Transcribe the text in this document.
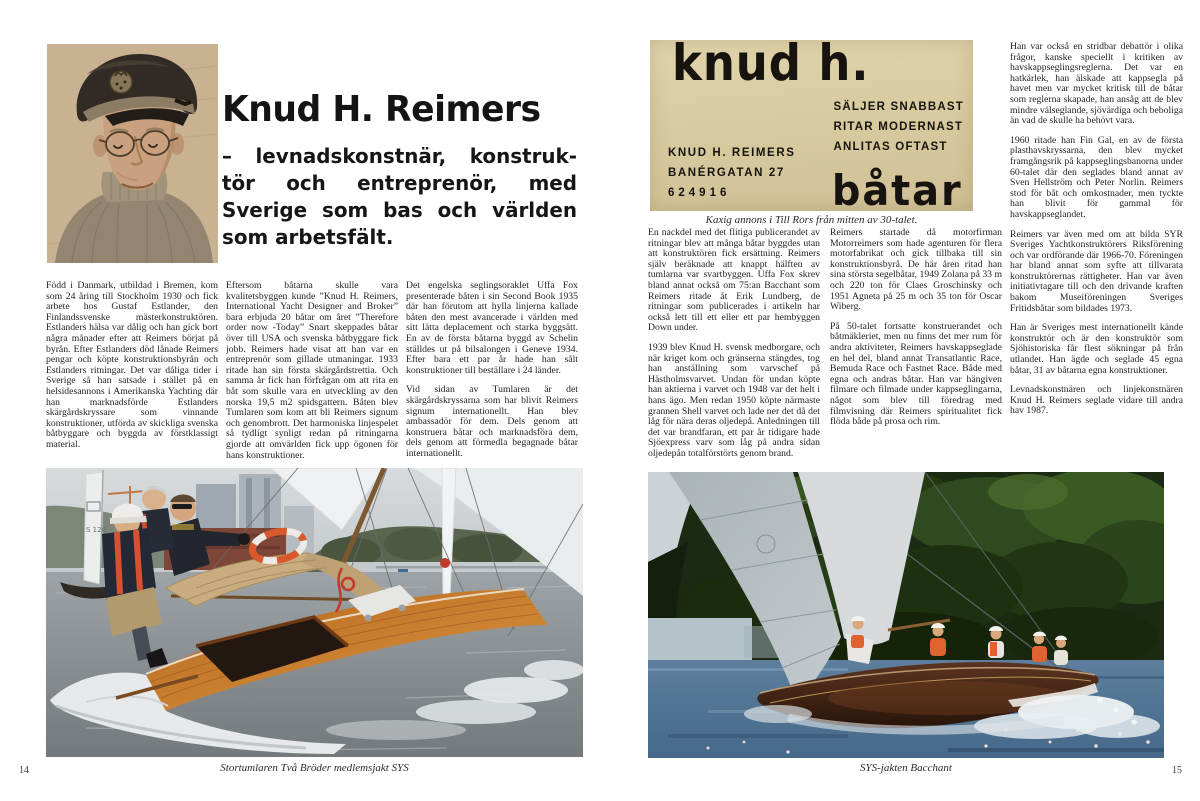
Knud H. Reimers
– levnadskonstnär, konstruk-
tör och entreprenör, med
Sverige som bas och världen
som arbetsfält.

Född i Danmark, utbildad i Bremen, kom som 24 åring till Stockholm 1930 och fick arbete hos Gustaf Estlander, den Finlandssvenske mästerkonstruktören. Estlanders hälsa var dålig och han gick bort några månader efter att Reimers börjat på byrån. Efter Estlanders död lånade Reimers pengar och köpte konstruktionsbyrån och Estlanders ritningar. Det var dåliga tider i Sverige så han satsade i stället på en helsidesannons i Amerikanska Yachting där han marknadsförde Estlanders skärgårdskryssare som vinnande konstruktioner, utförda av skickliga svenska båtbyggare och byggda av förstklassigt material.

Eftersom båtarna skulle vara kvalitetsbyggen kunde ”Knud H. Reimers, International Yacht Designer and Broker” bara erbjuda 20 båtar om året ”Therefore order now -Today” Snart skeppades båtar över till USA och svenska båtbyggare fick jobb. Reimers hade visat att han var en entreprenör som gillade utmaningar. 1933 ritade han sin första skärgårdstrettia. Och samma år fick han förfrågan om att rita en båt som skulle vara en utveckling av den norska 19,5 m2 spidsgattern. Båten blev Tumlaren som kom att bli Reimers signum och genombrott. Det harmoniska linjespelet så tydligt synligt redan på ritningarna gjorde att omvärlden fick upp ögonen för hans konstruktioner.

Det engelska seglingsoraklet Uffa Fox presenterade båten i sin Second Book 1935 där han förutom att hylla linjerna kallade båten den mest avancerade i världen med sitt lätta deplacement och starka byggsätt. En av de första båtarna byggd av Schelin ställdes ut på bilsalongen i Geneve 1934. Efter bara ett par år hade han sålt konstruktioner till beställare i 24 länder.

Vid sidan av Tumlaren är det skärgårdskryssarna som har blivit Reimers signum internationellt. Han blev ambassadör för dem. Dels genom att konstruera båtar och marknadsföra dem, dels genom att förmedla begagnade båtar internationellt.

S 120
Stortumlaren Två Bröder medlemsjakt SYS
14
knud h.
SÄLJER SNABBAST
RITAR MODERNAST
ANLITAS OFTAST
KNUD H. REIMERS
BANÉRGATAN 27
624916	båtar
Kaxig annons i Till Rors från mitten av 30-talet.

En nackdel med det flitiga publicerandet av ritningar blev att många båtar byggdes utan att konstruktören fick ersättning. Reimers själv beräknade att knappt hälften av tumlarna var svartbyggen. Uffa Fox skrev bland annat också om 75:an Bacchant som Reimers ritade åt Erik Lundberg, de ritningar som publicerades i artikeln har också lett till ett eller ett par hembyggen Down under.

1939 blev Knud H. svensk medborgare, och när kriget kom och gränserna stängdes, tog han anställning som varvschef på Hästholmsvarvet. Undan för undan köpte han aktierna i varvet och 1948 var det helt i hans ägo. Men redan 1950 köpte närmaste grannen Shell varvet och lade ner det då det låg för nära deras oljedepå. Anledningen till det var brandfaran, ett par år tidigare hade Sjöexpress varv som låg på andra sidan oljedepån totalförstörts genom brand.

Reimers startade då motorfirman Motorreimers som hade agenturen för flera motorfabrikat och gick tillbaka till sin konstruktionsbyrå. De här åren ritad han sina största segelbåtar, 1949 Zolana på 33 m och 220 ton för Claes Groschinsky och 1951 Agneta på 25 m och 35 ton för Oscar Wiberg.

På 50-talet fortsatte konstruerandet och båtmäkleriet, men nu finns det mer rum för andra aktiviteter, Reimers havskappseglade en hel del, bland annat Transatlantic Race, Bemuda Race och Fastnet Race. Både med egna och andras båtar. Han var hängiven filmare och filmade under kappseglingarna, något som blev till föredrag med filmvisning där Reimers spiritualitet fick flöda både på prosa och rim.

Han var också en stridbar debattör i olika frågor, kanske speciellt i kritiken av havskappseglingsreglerna. Det var en hatkärlek, han älskade att kappsegla på havet men var mycket kritisk till de båtar som reglerna skapade, han ansåg att de blev mindre välseglande, sjövärdiga och beboliga än vad de skulle ha behövt vara.

1960 ritade han Fin Gal, en av de första plasthavskryssarna, den blev mycket framgångsrik på kappseglingsbanorna under 60-talet där den seglades bland annat av Sven Hellström och Peter Norlin. Reimers stod för båt och omkostnader, men tyckte han blivit för gammal för havskappseglandet.

Reimers var även med om att bilda SYR Sveriges Yachtkonstruktörers Riksförening och var ordförande där 1966-70. Föreningen har bland annat som syfte att tillvarata konstruktörernas rättigheter. Han var även initiativtagare till och den drivande kraften bakom Museiföreningen Sveriges Fritidsbåtar som bildades 1973.

Han är Sveriges mest internationellt kände konstruktör och är den konstruktör som Sjöhistoriska får flest sökningar på från utlandet. Han ägde och seglade 45 egna båtar, 31 av båtarna egna konstruktioner.

Levnadskonstnären och linjekonstnären Knud H. Reimers seglade vidare till andra hav 1987.

SYS-jakten Bacchant	15
